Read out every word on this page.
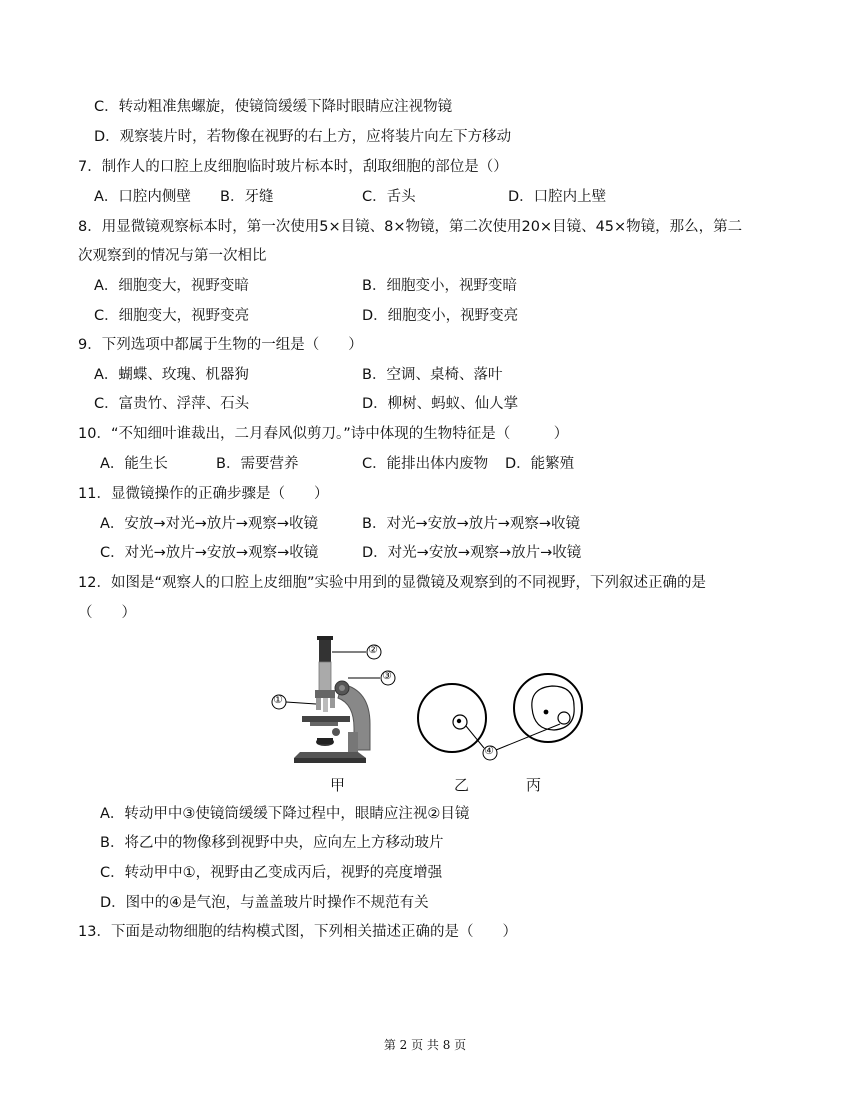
C．转动粗准焦螺旋，使镜筒缓缓下降时眼睛应注视物镜
D．观察装片时，若物像在视野的右上方，应将装片向左下方移动
7．制作人的口腔上皮细胞临时玻片标本时，刮取细胞的部位是（）
A．口腔内侧壁 B．牙缝	C．舌头	D．口腔内上壁
8．用显微镜观察标本时，第一次使用5×目镜、8×物镜，第二次使用20×目镜、45×物镜，那么，第二
次观察到的情况与第一次相比
A．细胞变大，视野变暗	B．细胞变小，视野变暗
C．细胞变大，视野变亮	D．细胞变小，视野变亮
9．下列选项中都属于生物的一组是（　　）
A．蝴蝶、玫瑰、机器狗	B．空调、桌椅、落叶
C．富贵竹、浮萍、石头	D．柳树、蚂蚁、仙人掌
10．“不知细叶谁裁出，二月春风似剪刀。”诗中体现的生物特征是（　　　）
A．能生长	B．需要营养	C．能排出体内废物 D．能繁殖
11．显微镜操作的正确步骤是（　　）
A．安放→对光→放片→观察→收镜	B．对光→安放→放片→观察→收镜
C．对光→放片→安放→观察→收镜	D．对光→安放→观察→放片→收镜
12．如图是“观察人的口腔上皮细胞”实验中用到的显微镜及观察到的不同视野，下列叙述正确的是
（　　）
②
③
①
④
甲	乙	丙
A．转动甲中③使镜筒缓缓下降过程中，眼睛应注视②目镜
B．将乙中的物像移到视野中央，应向左上方移动玻片
C．转动甲中①，视野由乙变成丙后，视野的亮度增强
D．图中的④是气泡，与盖盖玻片时操作不规范有关
13．下面是动物细胞的结构模式图，下列相关描述正确的是（　　）
第 2 页 共 8 页
